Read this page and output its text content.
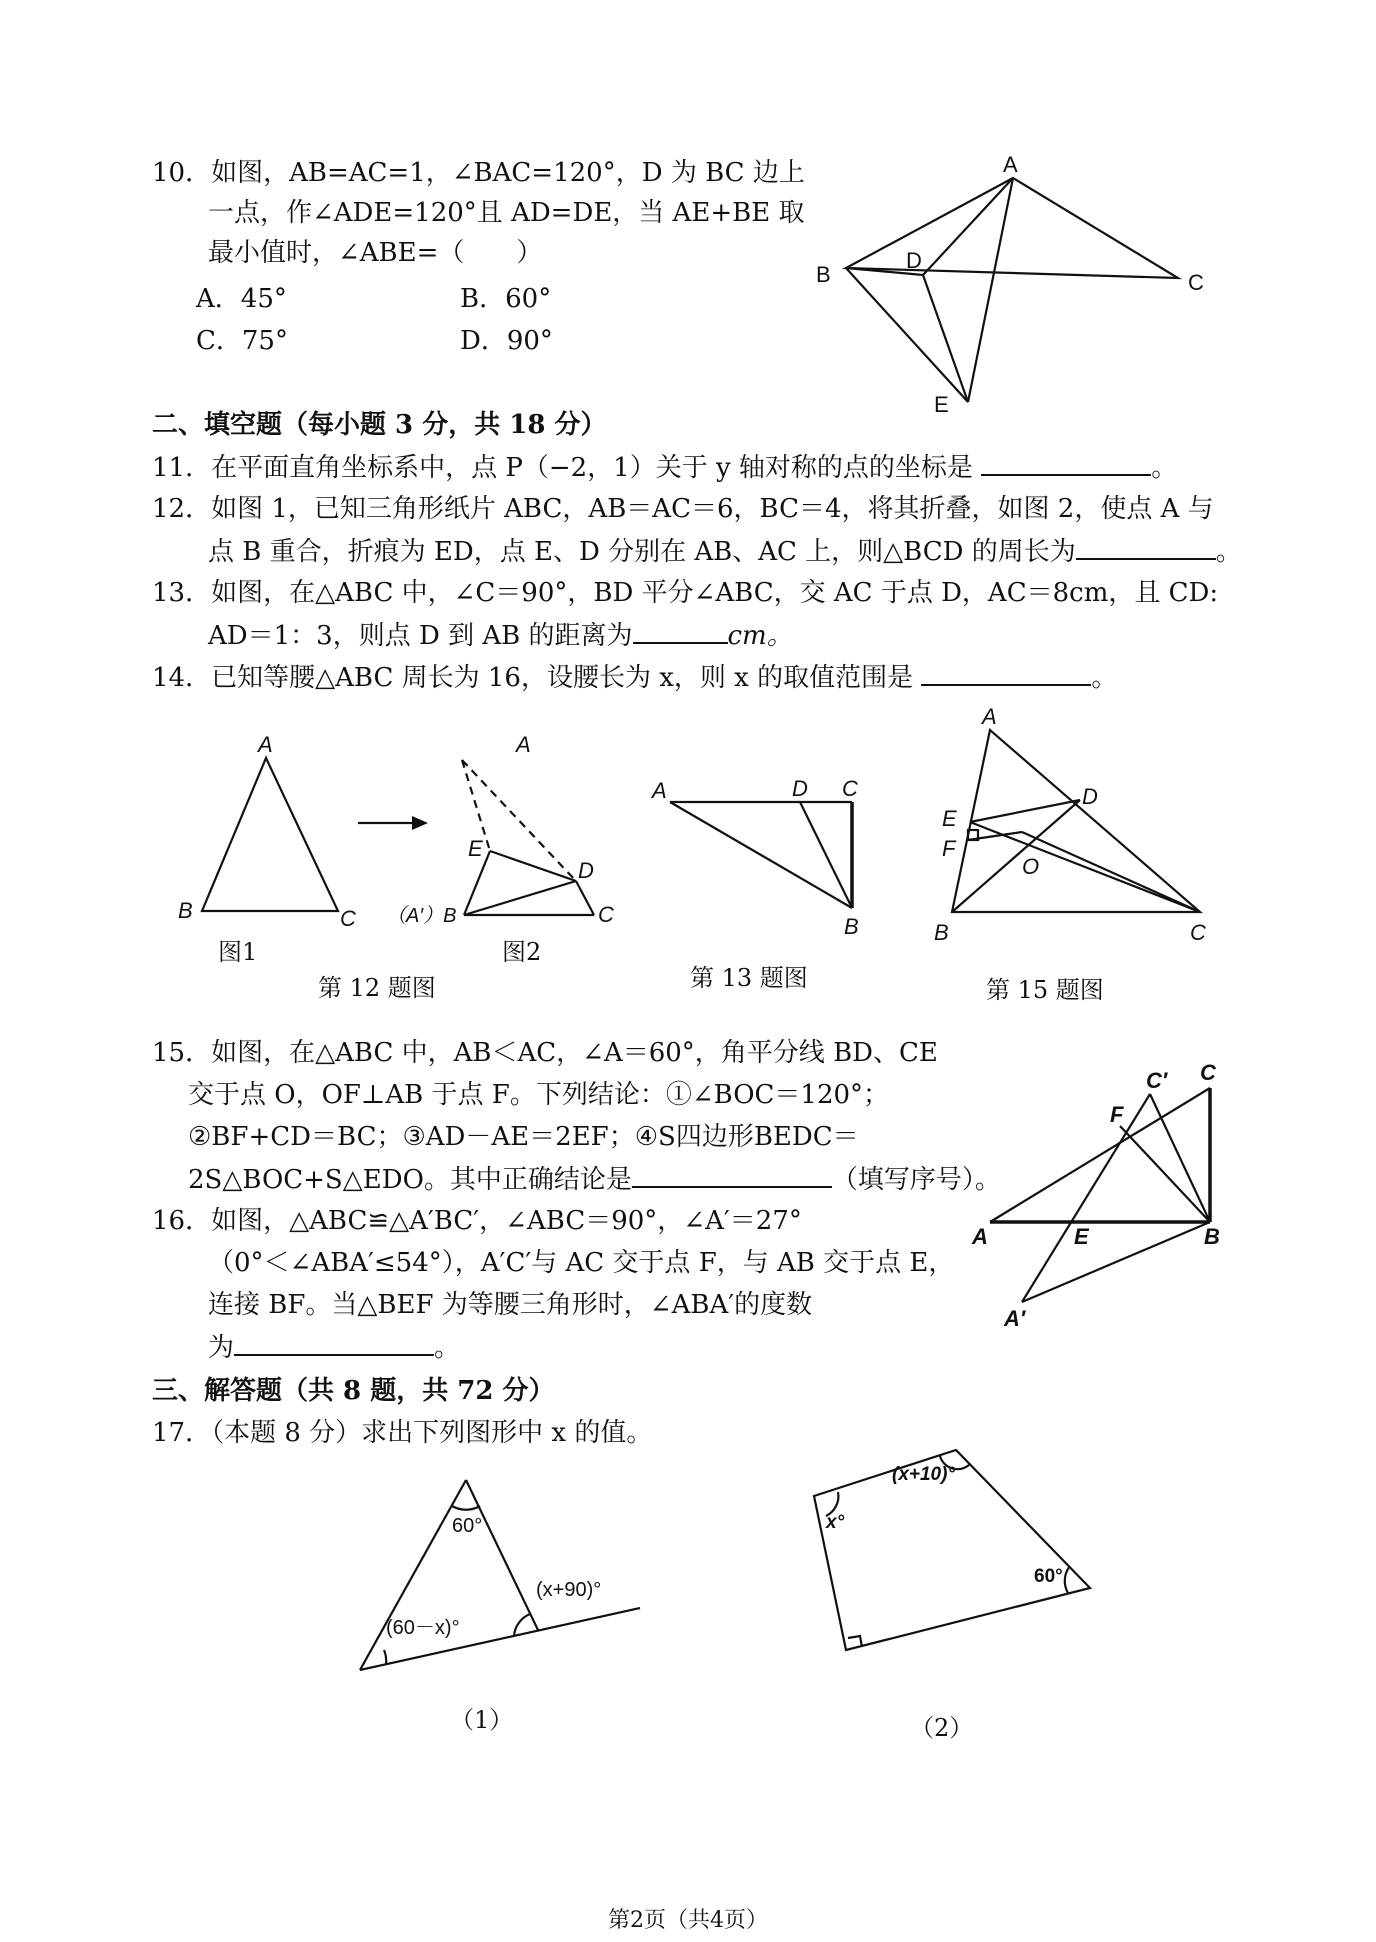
10．如图，AB=AC=1，∠BAC=120°，D 为 BC 边上
一点，作∠ADE=120°且 AD=DE，当 AE+BE 取
最小值时，∠ABE=（　　）
A．45°	B．60°
C．75°	D．90°
A
B	C
D
E
二、填空题（每小题 3 分，共 18 分）
11．在平面直角坐标系中，点 P（−2，1）关于 y 轴对称的点的坐标是	。
12．如图 1，已知三角形纸片 ABC，AB＝AC＝6，BC＝4，将其折叠，如图 2，使点 A 与
点 B 重合，折痕为 ED，点 E、D 分别在 AB、AC 上，则△BCD 的周长为	。
13．如图，在△ABC 中，∠C＝90°，BD 平分∠ABC，交 AC 于点 D，AC＝8cm，且 CD:
AD＝1：3，则点 D 到 AB 的距离为	cm。
14．已知等腰△ABC 周长为 16，设腰长为 x，则 x 的取值范围是	。
A
B	C
图1
A
E
D
（A′）B	C
图2
第 12 题图
A	D C
B
第 13 题图
A
D
E
F
O
B	C
第 15 题图
15．如图，在△ABC 中，AB＜AC，∠A＝60°，角平分线 BD、CE
交于点 O，OF⊥AB 于点 F。下列结论：①∠BOC＝120°；
②BF+CD＝BC；③AD－AE＝2EF；④S四边形BEDC＝
2S△BOC+S△EDO。其中正确结论是	（填写序号）。
16．如图，△ABC≌△A′BC′，∠ABC＝90°，∠A′＝27°
（0°＜∠ABA′≤54°），A′C′与 AC 交于点 F，与 AB 交于点 E，
连接 BF。当△BEF 为等腰三角形时，∠ABA′的度数
为	。
C′ C
F
A	E	B
A′
三、解答题（共 8 题，共 72 分）
17．（本题 8 分）求出下列图形中 x 的值。
60°
(60－x)°
(x+90)°
（1）
(x+10)°
x°
60°
（2）
第2页（共4页）
